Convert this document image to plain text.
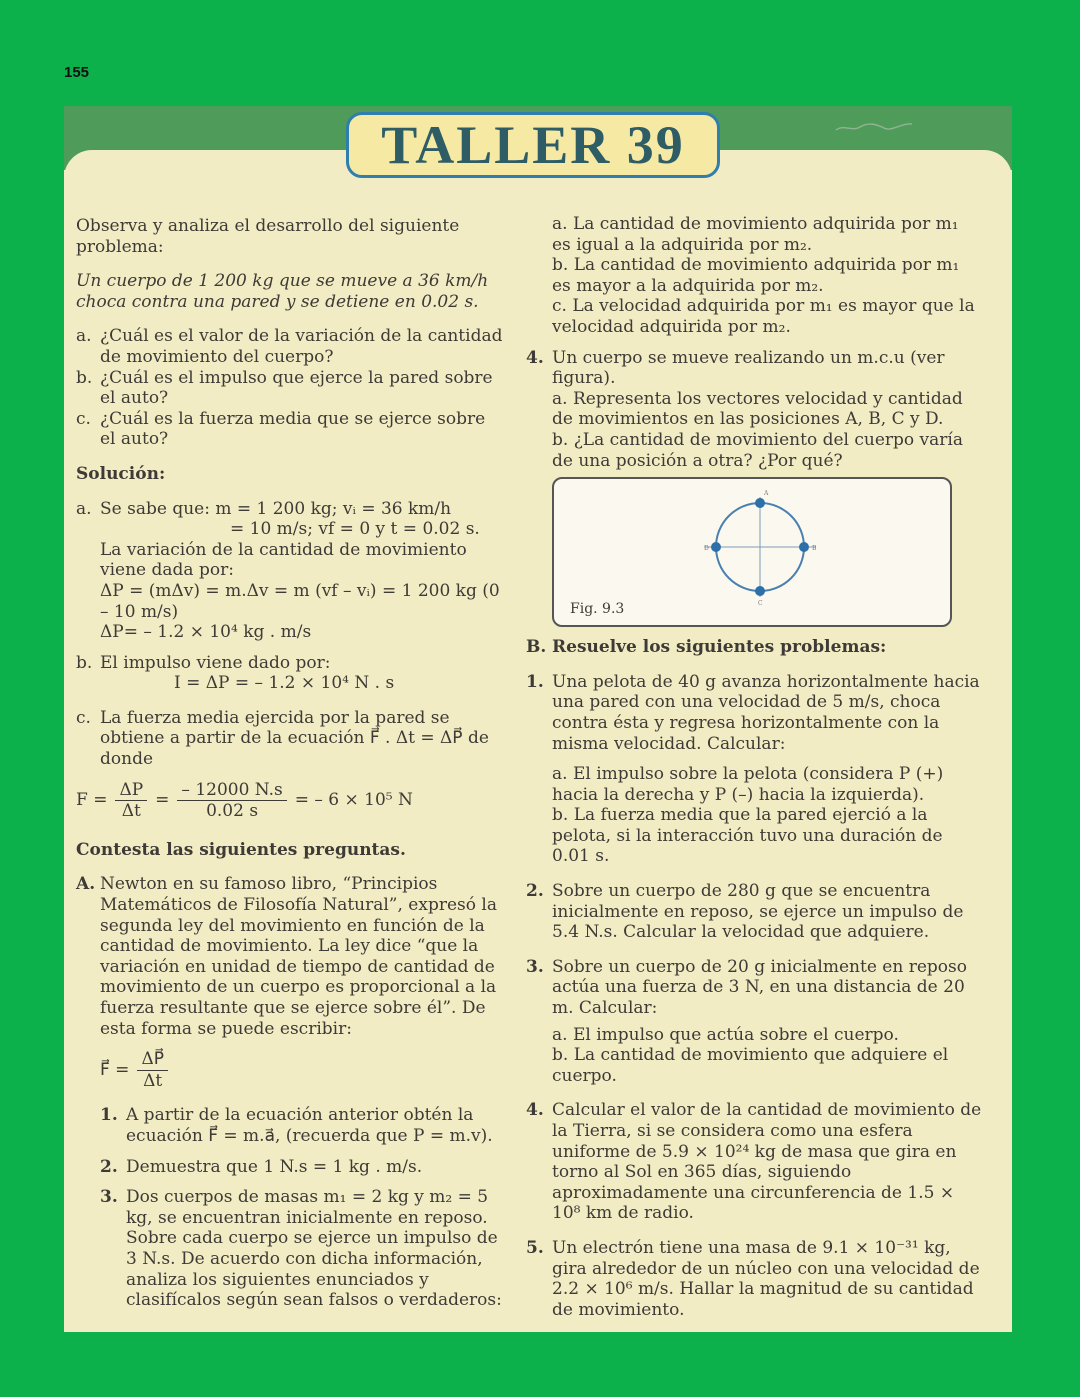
155
TALLER 39

Observa y analiza el desarrollo del siguiente problema:

Un cuerpo de 1 200 kg que se mueve a 36 km/h choca contra una pared y se detiene en 0.02 s.

a. ¿Cuál es el valor de la variación de la cantidad de movimiento del cuerpo?
b. ¿Cuál es el impulso que ejerce la pared sobre el auto?
c. ¿Cuál es la fuerza media que se ejerce sobre el auto?

Solución:

a. Se sabe que: m = 1 200 kg; vᵢ = 36 km/h

= 10 m/s; vf = 0 y t = 0.02 s.

La variación de la cantidad de movimiento viene dada por:

ΔP = (mΔv) = m.Δv = m (vf – vᵢ) = 1 200 kg (0 – 10 m/s)

ΔP= – 1.2 × 10⁴ kg . m/s

b. El impulso viene dado por:

I = ΔP = – 1.2 × 10⁴ N . s

c. La fuerza media ejercida por la pared se obtiene a partir de la ecuación F⃗ . Δt = ΔP⃗ de donde

$F = \frac{\Delta P}{\Delta t} = \frac{- 12000 N.s}{0.02 s}$ = – 6 × 10⁵ N

Contesta las siguientes preguntas.

A. Newton en su famoso libro, “Principios Matemáticos de Filosofía Natural”, expresó la segunda ley del movimiento en función de la cantidad de movimiento. La ley dice “que la variación en unidad de tiempo de cantidad de movimiento de un cuerpo es proporcional a la fuerza resultante que se ejerce sobre él”. De esta forma se puede escribir:

F⃗ = $\frac{\Delta P⃗}{\Delta t}$
1. A partir de la ecuación anterior obtén la ecuación F⃗ = m.a⃗, (recuerda que P = m.v).
2. Demuestra que 1 N.s = 1 kg . m/s.
3. Dos cuerpos de masas m₁ = 2 kg y m₂ = 5 kg, se encuentran inicialmente en reposo. Sobre cada cuerpo se ejerce un impulso de 3 N.s. De acuerdo con dicha información, analiza los siguientes enunciados y clasifícalos según sean falsos o verdaderos:

a. La cantidad de movimiento adquirida por m₁ es igual a la adquirida por m₂.

b. La cantidad de movimiento adquirida por m₁ es mayor a la adquirida por m₂.

c. La velocidad adquirida por m₁ es mayor que la velocidad adquirida por m₂.

4. Un cuerpo se mueve realizando un m.c.u (ver figura).

a. Representa los vectores velocidad y cantidad de movimientos en las posiciones A, B, C y D.

b. ¿La cantidad de movimiento del cuerpo varía de una posición a otra? ¿Por qué?

A
B
C
D
Fig. 9.3
B. Resuelve los siguientes problemas:
1. Una pelota de 40 g avanza horizontalmente hacia una pared con una velocidad de 5 m/s, choca contra ésta y regresa horizontalmente con la misma velocidad. Calcular:

a. El impulso sobre la pelota (considera P (+) hacia la derecha y P (–) hacia la izquierda).

b. La fuerza media que la pared ejerció a la pelota, si la interacción tuvo una duración de 0.01 s.

2. Sobre un cuerpo de 280 g que se encuentra inicialmente en reposo, se ejerce un impulso de 5.4 N.s. Calcular la velocidad que adquiere.

3. Sobre un cuerpo de 20 g inicialmente en reposo actúa una fuerza de 3 N, en una distancia de 20 m. Calcular:

a. El impulso que actúa sobre el cuerpo.

b. La cantidad de movimiento que adquiere el cuerpo.

4. Calcular el valor de la cantidad de movimiento de la Tierra, si se considera como una esfera uniforme de 5.9 × 10²⁴ kg de masa que gira en torno al Sol en 365 días, siguiendo aproximadamente una circunferencia de 1.5 × 10⁸ km de radio.

5. Un electrón tiene una masa de 9.1 × 10⁻³¹ kg, gira alrededor de un núcleo con una velocidad de 2.2 × 10⁶ m/s. Hallar la magnitud de su cantidad de movimiento.
